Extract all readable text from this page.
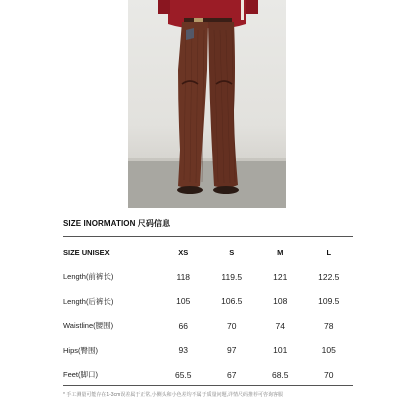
SIZE INORMATION 尺码信息
SIZE UNISEX	XS	S	M	L
Length(前裤长)	118	119.5	121	122.5
Length(后裤长)	105	106.5	108	109.5
Waistline(腰围)	66	70	74	78
Hips(臀围)	93	97	101	105
Feet(脚口)	65.5	67	68.5	70
* 手工测量可能存在1-3cm误差属于正常,小侧头和小色差均不属于质量问题,详情尺码推荐可咨询客服
